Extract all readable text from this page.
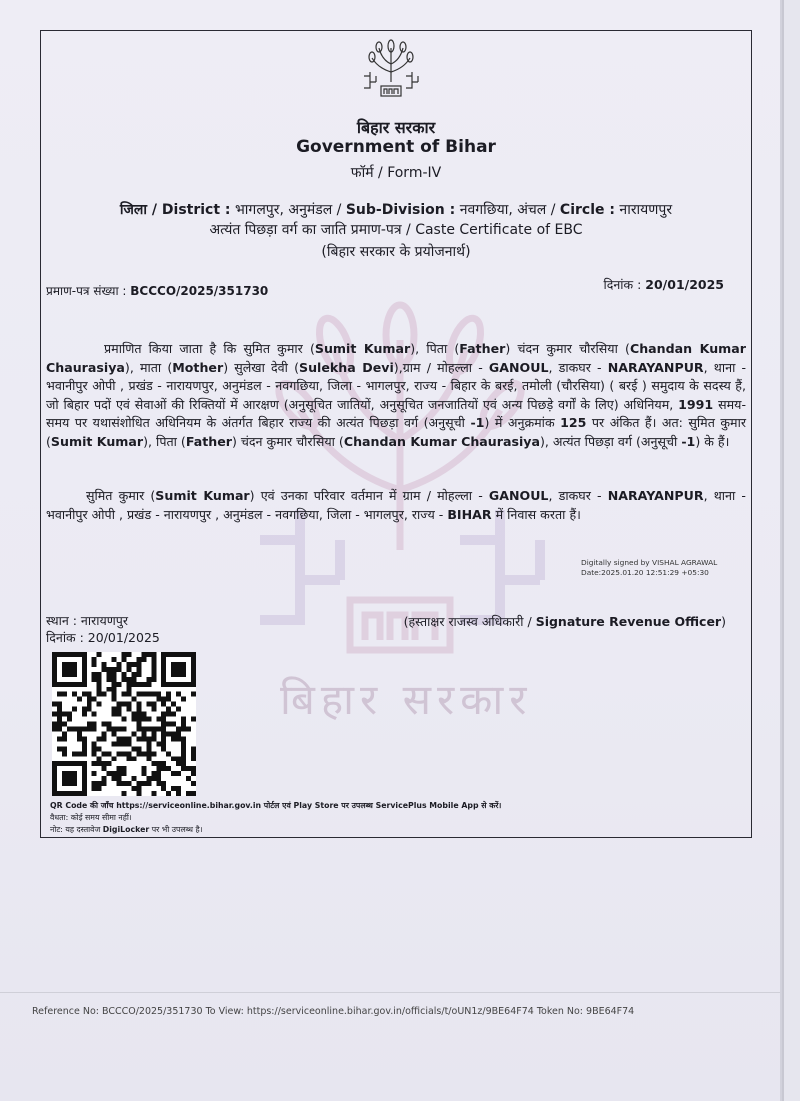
बिहार सरकार
बिहार सरकार
Government of Bihar
फॉर्म / Form-IV
जिला / District : भागलपुर, अनुमंडल / Sub-Division : नवगछिया, अंचल / Circle : नारायणपुर
अत्यंत पिछड़ा वर्ग का जाति प्रमाण-पत्र / Caste Certificate of EBC
(बिहार सरकार के प्रयोजनार्थ)
प्रमाण-पत्र संख्या : BCCCO/2025/351730	दिनांक : 20/01/2025

प्रमाणित किया जाता है कि सुमित कुमार (Sumit Kumar), पिता (Father) चंदन कुमार चौरसिया (Chandan Kumar Chaurasiya), माता (Mother) सुलेखा देवी (Sulekha Devi),ग्राम / मोहल्ला - GANOUL, डाकघर - NARAYANPUR, थाना - भवानीपुर ओपी , प्रखंड - नारायणपुर, अनुमंडल - नवगछिया, जिला - भागलपुर, राज्य - बिहार के बरई, तमोली (चौरसिया) ( बरई ) समुदाय के सदस्य हैं, जो बिहार पदों एवं सेवाओं की रिक्तियों में आरक्षण (अनुसूचित जातियों, अनुसूचित जनजातियों एवं अन्य पिछड़े वर्गों के लिए) अधिनियम, 1991 समय-समय पर यथासंशोधित अधिनियम के अंतर्गत बिहार राज्य की अत्यंत पिछड़ा वर्ग (अनुसूची -1) में अनुक्रमांक 125 पर अंकित हैं। अत: सुमित कुमार (Sumit Kumar), पिता (Father) चंदन कुमार चौरसिया (Chandan Kumar Chaurasiya), अत्यंत पिछड़ा वर्ग (अनुसूची -1) के हैं।

सुमित कुमार (Sumit Kumar) एवं उनका परिवार वर्तमान में ग्राम / मोहल्ला - GANOUL, डाकघर - NARAYANPUR, थाना - भवानीपुर ओपी , प्रखंड - नारायणपुर , अनुमंडल - नवगछिया, जिला - भागलपुर, राज्य - BIHAR में निवास करता हैं।

Digitally signed by VISHAL AGRAWAL
Date:2025.01.20 12:51:29 +05:30
स्थान : नारायणपुर
दिनांक : 20/01/2025
(हस्ताक्षर राजस्व अधिकारी / Signature Revenue Officer)
QR Code की जाँच https://serviceonline.bihar.gov.in पोर्टल एवं Play Store पर उपलब्ध ServicePlus Mobile App से करें।
वैधता: कोई समय सीमा नहीं।
नोट: यह दस्तावेज DigiLocker पर भी उपलब्ध है।
Reference No: BCCCO/2025/351730 To View: https://serviceonline.bihar.gov.in/officials/t/oUN1z/9BE64F74 Token No: 9BE64F74
